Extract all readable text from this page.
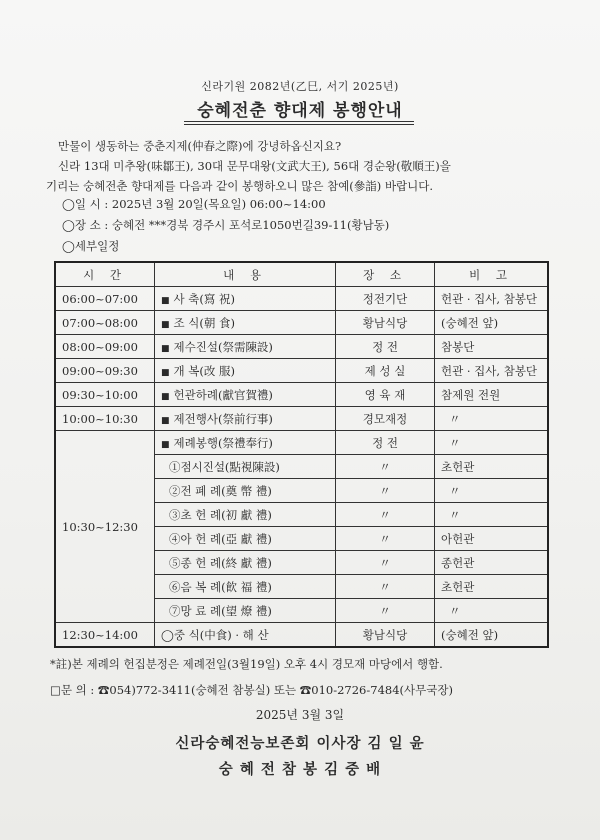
신라기원 2082년(乙巳, 서기 2025년)
숭혜전춘 향대제 봉행안내

만물이 생동하는 중춘지제(仲春之際)에 강녕하옵신지요?

신라 13대 미추왕(味鄒王), 30대 문무대왕(文武大王), 56대 경순왕(敬順王)을

기리는 숭혜전춘 향대제를 다음과 같이 봉행하오니 많은 참예(參詣) 바랍니다.

◯일 시 : 2025년 3월 20일(목요일) 06:00~14:00
◯장 소 : 숭혜전 ***경북 경주시 포석로1050번길39-11(황남동)
◯세부일정
시 간	내 용	장 소	비 고
06:00~07:00	■ 사 축(寫 祝)	정전기단	헌관 · 집사, 참봉단
07:00~08:00	■ 조 식(朝 食)	황남식당	(숭혜전 앞)
08:00~09:00	■ 제수진설(祭需陳設)	정 전	참봉단
09:00~09:30	■ 개 복(改 服)	제 성 실	헌관 · 집사, 참봉단
09:30~10:00	■ 헌관하례(獻官賀禮)	영 육 재	참제원 전원
10:00~10:30	■ 제전행사(祭前行事)	경모재정	〃
10:30~12:30	■ 제례봉행(祭禮奉行)	정 전	〃
	①점시진설(點視陳設)	〃	초헌관
	②전 폐 례(奠 幣 禮)	〃	〃
	③초 헌 례(初 獻 禮)	〃	〃
	④아 헌 례(亞 獻 禮)	〃	아헌관
	⑤종 헌 례(終 獻 禮)	〃	종헌관
	⑥음 복 례(飮 福 禮)	〃	초헌관
	⑦망 료 례(望 燎 禮)	〃	〃
12:30~14:00	◯중 식(中食) · 해 산	황남식당	(숭혜전 앞)
*註)본 제례의 헌집분정은 제례전일(3월19일) 오후 4시 경모재 마당에서 행함.
□문 의 : ☎054)772-3411(숭혜전 참봉실) 또는 ☎010-2726-7484(사무국장)
2025년 3월 3일
신라숭혜전능보존회 이사장 김 일 윤
숭 혜 전 참 봉 김 중 배
